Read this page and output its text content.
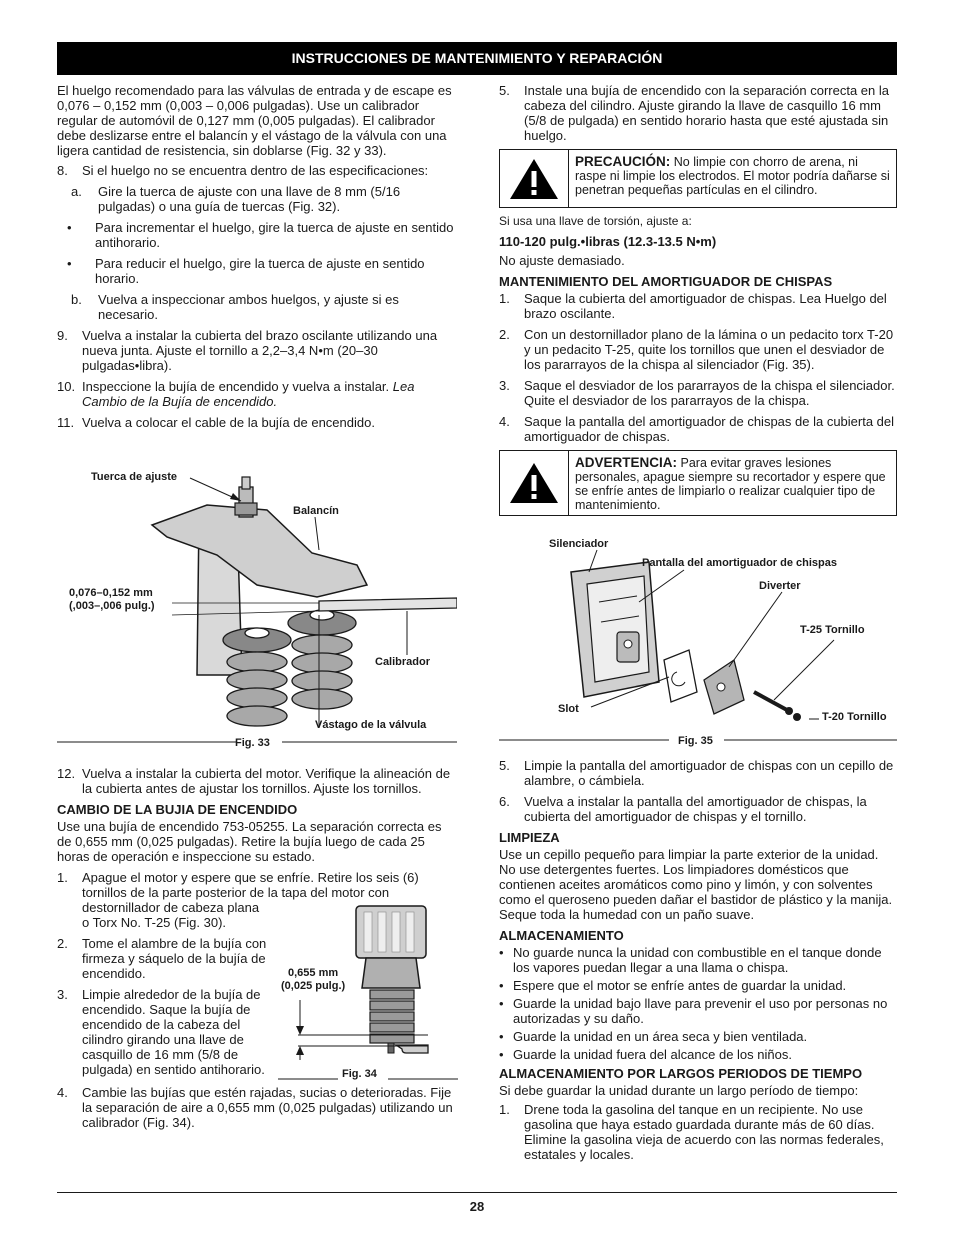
INSTRUCCIONES DE MANTENIMIENTO Y REPARACIÓN

El huelgo recomendado para las válvulas de entrada y de escape es 0,076 – 0,152 mm (0,003 – 0,006 pulgadas). Use un calibrador regular de automóvil de 0,127 mm (0,005 pulgadas). El calibrador debe deslizarse entre el balancín y el vástago de la válvula con una ligera cantidad de resistencia, sin doblarse (Fig. 32 y 33).

8. Si el huelgo no se encuentra dentro de las especificaciones:
a. Gire la tuerca de ajuste con una llave de 8 mm (5/16 pulgadas) o una guía de tuercas (Fig. 32).
• Para incrementar el huelgo, gire la tuerca de ajuste en sentido antihorario.
• Para reducir el huelgo, gire la tuerca de ajuste en sentido horario.
b. Vuelva a inspeccionar ambos huelgos, y ajuste si es necesario.
9. Vuelva a instalar la cubierta del brazo oscilante utilizando una nueva junta. Ajuste el tornillo a 2,2–3,4 N•m (20–30 pulgadas•libra).
10. Inspeccione la bujía de encendido y vuelva a instalar. Lea Cambio de la Bujía de encendido.
11. Vuelva a colocar el cable de la bujía de encendido.
Tuerca de ajuste
Balancín
0,076–0,152 mm
(,003–,006 pulg.)
Calibrador
Vástago de la válvula
Fig. 33
12. Vuelva a instalar la cubierta del motor. Verifique la alineación de la cubierta antes de ajustar los tornillos. Ajuste los tornillos.
CAMBIO DE LA BUJIA DE ENCENDIDO

Use una bujía de encendido 753-05255. La separación correcta es de 0,655 mm (0,025 pulgadas). Retire la bujía luego de cada 25 horas de operación e inspeccione su estado.

1. Apague el motor y espere que se enfríe. Retire los seis (6) tornillos de la parte posterior de la tapa del motor con
destornillador de cabeza plana
o Torx No. T-25 (Fig. 30).
2. Tome el alambre de la bujía con firmeza y sáquelo de la bujía de encendido.
3. Limpie alrededor de la bujía de encendido. Saque la bujía de encendido de la cabeza del cilindro girando una llave de casquillo de 16 mm (5/8 de pulgada) en sentido antihorario.
4. Cambie las bujías que estén rajadas, sucias o deterioradas. Fije la separación de aire a 0,655 mm (0,025 pulgadas) utilizando un calibrador (Fig. 34).
0,655 mm
(0,025 pulg.)
Fig. 34
5. Instale una bujía de encendido con la separación correcta en la cabeza del cilindro. Ajuste girando la llave de casquillo 16 mm (5/8 de pulgada) en sentido horario hasta que esté ajustada sin huelgo.
PRECAUCIÓN: No limpie con chorro de arena, ni raspe ni limpie los electrodos. El motor podría dañarse si penetran pequeñas partículas en el cilindro.

Si usa una llave de torsión, ajuste a:

110-120 pulg.•libras (12.3-13.5 N•m)

No ajuste demasiado.

MANTENIMIENTO DEL AMORTIGUADOR DE CHISPAS
1. Saque la cubierta del amortiguador de chispas. Lea Huelgo del brazo oscilante.
2. Con un destornillador plano de la lámina o un pedacito torx T-20 y un pedacito T-25, quite los tornillos que unen el desviador de los pararrayos de la chispa al silenciador (Fig. 35).
3. Saque el desviador de los pararrayos de la chispa el silenciador. Quite el desviador de los pararrayos de la chispa.
4. Saque la pantalla del amortiguador de chispas de la cubierta del amortiguador de chispas.
ADVERTENCIA: Para evitar graves lesiones personales, apague siempre su recortador y espere que se enfríe antes de limpiarlo o realizar cualquier tipo de mantenimiento.
Silenciador
Pantalla del amortiguador de chispas
Diverter
T-25 Tornillo
Slot
T-20 Tornillo
Fig. 35
5. Limpie la pantalla del amortiguador de chispas con un cepillo de alambre, o cámbiela.
6. Vuelva a instalar la pantalla del amortiguador de chispas, la cubierta del amortiguador de chispas y el tornillo.
LIMPIEZA

Use un cepillo pequeño para limpiar la parte exterior de la unidad. No use detergentes fuertes. Los limpiadores domésticos que contienen aceites aromáticos como pino y limón, y con solventes como el queroseno pueden dañar el bastidor de plástico y la manija. Seque toda la humedad con un paño suave.

ALMACENAMIENTO
• No guarde nunca la unidad con combustible en el tanque donde los vapores puedan llegar a una llama o chispa.
• Espere que el motor se enfríe antes de guardar la unidad.
• Guarde la unidad bajo llave para prevenir el uso por personas no autorizadas y su daño.
• Guarde la unidad en un área seca y bien ventilada.
• Guarde la unidad fuera del alcance de los niños.
ALMACENAMIENTO POR LARGOS PERIODOS DE TIEMPO

Si debe guardar la unidad durante un largo período de tiempo:

1. Drene toda la gasolina del tanque en un recipiente. No use gasolina que haya estado guardada durante más de 60 días. Elimine la gasolina vieja de acuerdo con las normas federales, estatales y locales.
28
